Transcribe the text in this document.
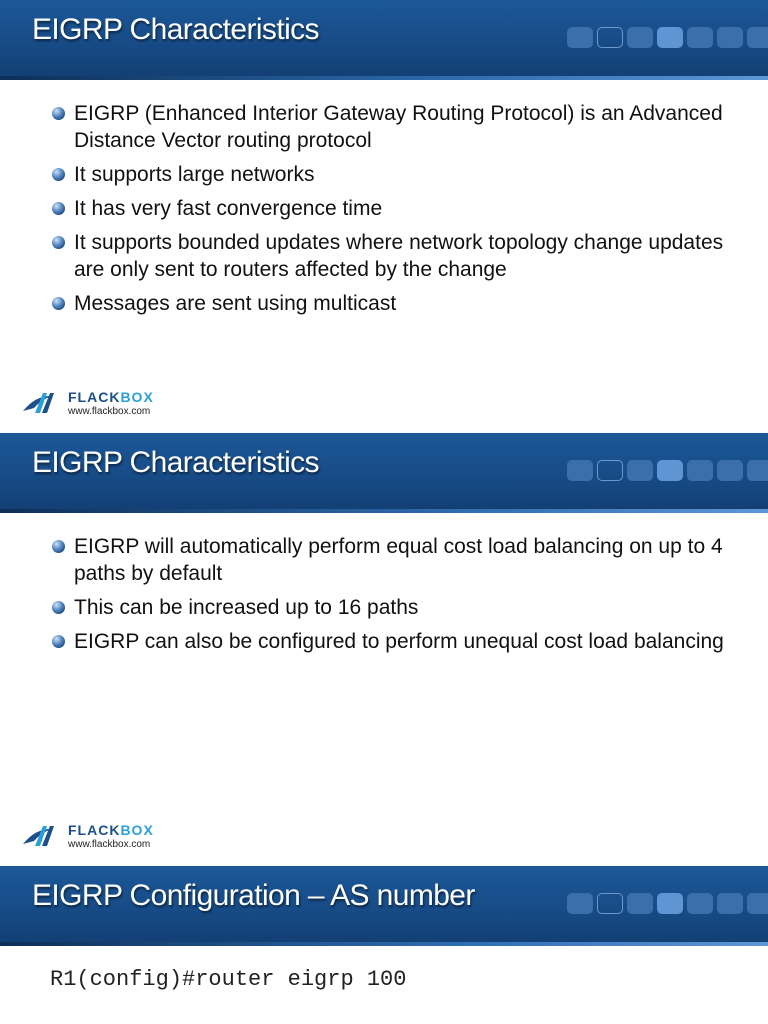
EIGRP Characteristics
EIGRP (Enhanced Interior Gateway Routing Protocol) is an Advanced Distance Vector routing protocol
It supports large networks
It has very fast convergence time
It supports bounded updates where network topology change updates are only sent to routers affected by the change
Messages are sent using multicast
FLACKBOX
www.flackbox.com
EIGRP Characteristics
EIGRP will automatically perform equal cost load balancing on up to 4 paths by default
This can be increased up to 16 paths
EIGRP can also be configured to perform unequal cost load balancing
FLACKBOX
www.flackbox.com
EIGRP Configuration – AS number
R1(config)#router eigrp 100
